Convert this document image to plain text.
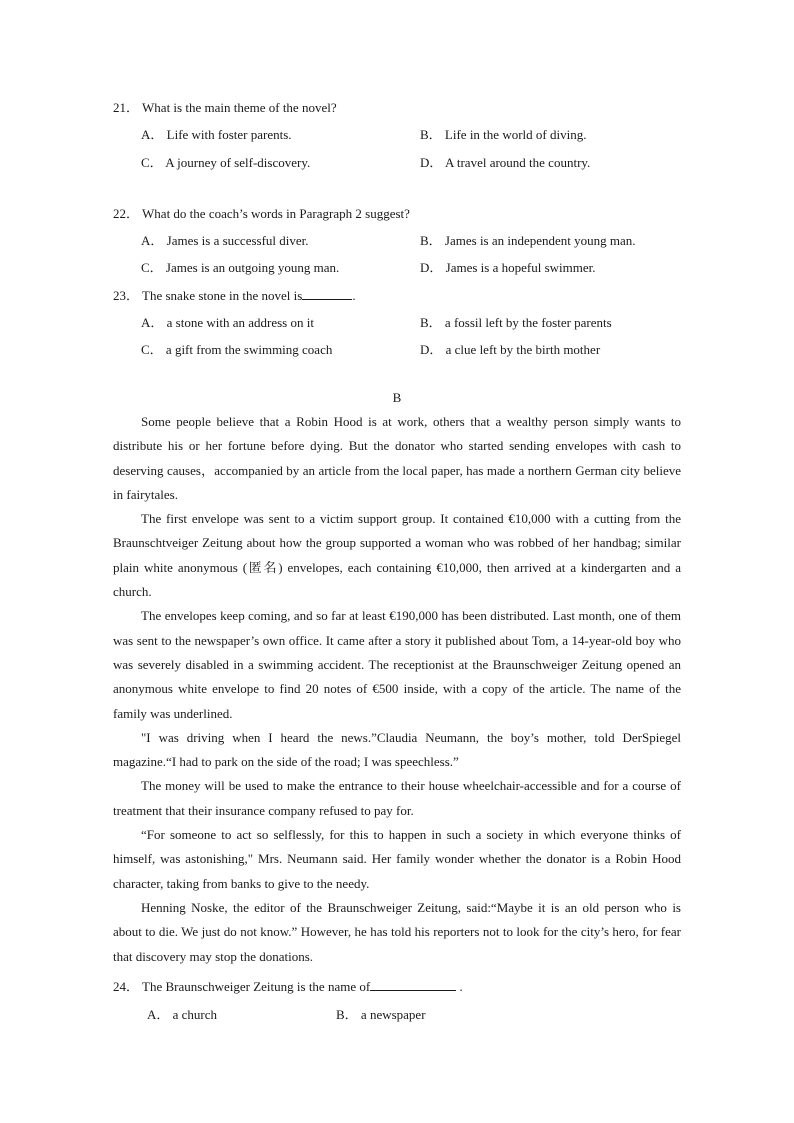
21． What is the main theme of the novel?
A． Life with foster parents.	B． Life in the world of diving.
C． A journey of self-discovery.	D． A travel around the country.
22． What do the coach’s words in Paragraph 2 suggest?
A． James is a successful diver.	B． James is an independent young man.
C． James is an outgoing young man.	D． James is a hopeful swimmer.
23． The snake stone in the novel is	.
A． a stone with an address on it	B． a fossil left by the foster parents
C． a gift from the swimming coach	D． a clue left by the birth mother
B

Some people believe that a Robin Hood is at work, others that a wealthy person simply wants to distribute his or her fortune before dying. But the donator who started sending envelopes with cash to deserving causes，accompanied by an article from the local paper, has made a northern German city believe in fairytales.

The first envelope was sent to a victim support group. It contained €10,000 with a cutting from the Braunschtveiger Zeitung about how the group supported a woman who was robbed of her handbag; similar plain white anonymous (匿名) envelopes, each containing €10,000, then arrived at a kindergarten and a church.

The envelopes keep coming, and so far at least €190,000 has been distributed. Last month, one of them was sent to the newspaper’s own office. It came after a story it published about Tom, a 14-year-old boy who was severely disabled in a swimming accident. The receptionist at the Braunschweiger Zeitung opened an anonymous white envelope to find 20 notes of €500 inside, with a copy of the article. The name of the family was underlined.

"I was driving when I heard the news.”Claudia Neumann, the boy’s mother, told DerSpiegel magazine.“I had to park on the side of the road; I was speechless.”

The money will be used to make the entrance to their house wheelchair-accessible and for a course of treatment that their insurance company refused to pay for.

“For someone to act so selflessly, for this to happen in such a society in which everyone thinks of himself, was astonishing," Mrs. Neumann said. Her family wonder whether the donator is a Robin Hood character, taking from banks to give to the needy.

Henning Noske, the editor of the Braunschweiger Zeitung, said:“Maybe it is an old person who is about to die. We just do not know.” However, he has told his reporters not to look for the city’s hero, for fear that discovery may stop the donations.

24． The Braunschweiger Zeitung is the name of	.
A． a church	B． a newspaper
